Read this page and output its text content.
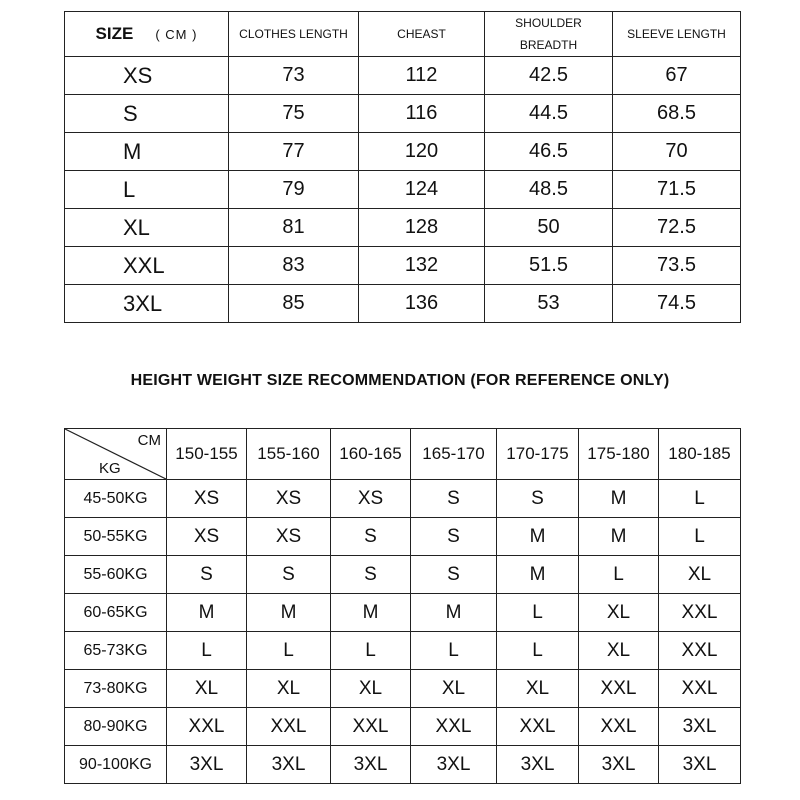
SIZE ( CM )	CLOTHES LENGTH	CHEAST	SHOULDER
BREADTH	SLEEVE LENGTH
XS	73	112	42.5	67
S	75	116	44.5	68.5
M	77	120	46.5	70
L	79	124	48.5	71.5
XL	81	128	50	72.5
XXL	83	132	51.5	73.5
3XL	85	136	53	74.5
HEIGHT WEIGHT SIZE RECOMMENDATION (FOR REFERENCE ONLY)
CM
KG	150-155	155-160	160-165	165-170	170-175	175-180	180-185
45-50KG	XS	XS	XS	S	S	M	L
50-55KG	XS	XS	S	S	M	M	L
55-60KG	S	S	S	S	M	L	XL
60-65KG	M	M	M	M	L	XL	XXL
65-73KG	L	L	L	L	L	XL	XXL
73-80KG	XL	XL	XL	XL	XL	XXL	XXL
80-90KG	XXL	XXL	XXL	XXL	XXL	XXL	3XL
90-100KG	3XL	3XL	3XL	3XL	3XL	3XL	3XL
